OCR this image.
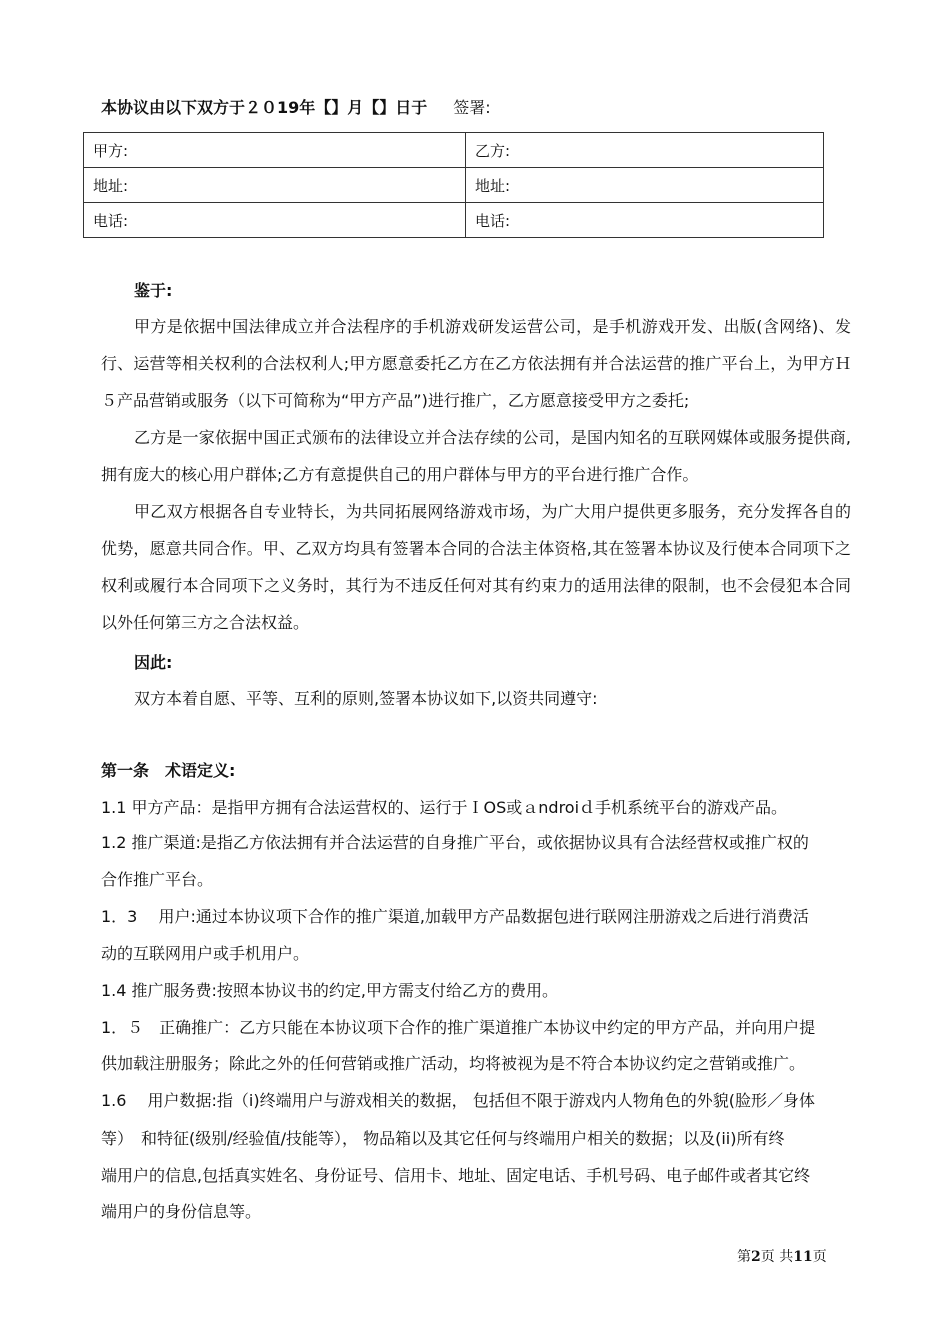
本协议由以下双方于２０19年【】月【】日于 签署:
甲方:	乙方:
地址:	地址:
电话:	电话:
鉴于:
甲方是依据中国法律成立并合法程序的手机游戏研发运营公司，是手机游戏开发、出版(含网络)、发行、运营等相关权利的合法权利人;甲方愿意委托乙方在乙方依法拥有并合法运营的推广平台上，为甲方Ｈ５产品营销或服务（以下可简称为“甲方产品”)进行推广，乙方愿意接受甲方之委托;
乙方是一家依据中国正式颁布的法律设立并合法存续的公司，是国内知名的互联网媒体或服务提供商,拥有庞大的核心用户群体;乙方有意提供自己的用户群体与甲方的平台进行推广合作。
甲乙双方根据各自专业特长，为共同拓展网络游戏市场，为广大用户提供更多服务，充分发挥各自的优势，愿意共同合作。甲、乙双方均具有签署本合同的合法主体资格,其在签署本协议及行使本合同项下之权利或履行本合同项下之义务时，其行为不违反任何对其有约束力的适用法律的限制，也不会侵犯本合同以外任何第三方之合法权益。
因此:
双方本着自愿、平等、互利的原则,签署本协议如下,以资共同遵守:
第一条　术语定义:
1.1 甲方产品：是指甲方拥有合法运营权的、运行于ＩOS或ａndroiｄ手机系统平台的游戏产品。
1.2 推广渠道:是指乙方依法拥有并合法运营的自身推广平台，或依据协议具有合法经营权或推广权的
合作推广平台。
1．3　 用户:通过本协议项下合作的推广渠道,加载甲方产品数据包进行联网注册游戏之后进行消费活
动的互联网用户或手机用户。
1.4 推广服务费:按照本协议书的约定,甲方需支付给乙方的费用。
1．５　正确推广：乙方只能在本协议项下合作的推广渠道推广本协议中约定的甲方产品，并向用户提
供加载注册服务；除此之外的任何营销或推广活动，均将被视为是不符合本协议约定之营销或推广。
1.6　 用户数据:指（i)终端用户与游戏相关的数据， 包括但不限于游戏内人物角色的外貌(脸形／身体
等）　和特征(级别/经验值/技能等）， 物品箱以及其它任何与终端用户相关的数据；以及(ii)所有终
端用户的信息,包括真实姓名、身份证号、信用卡、地址、固定电话、手机号码、电子邮件或者其它终
端用户的身份信息等。
第2页 共11页
